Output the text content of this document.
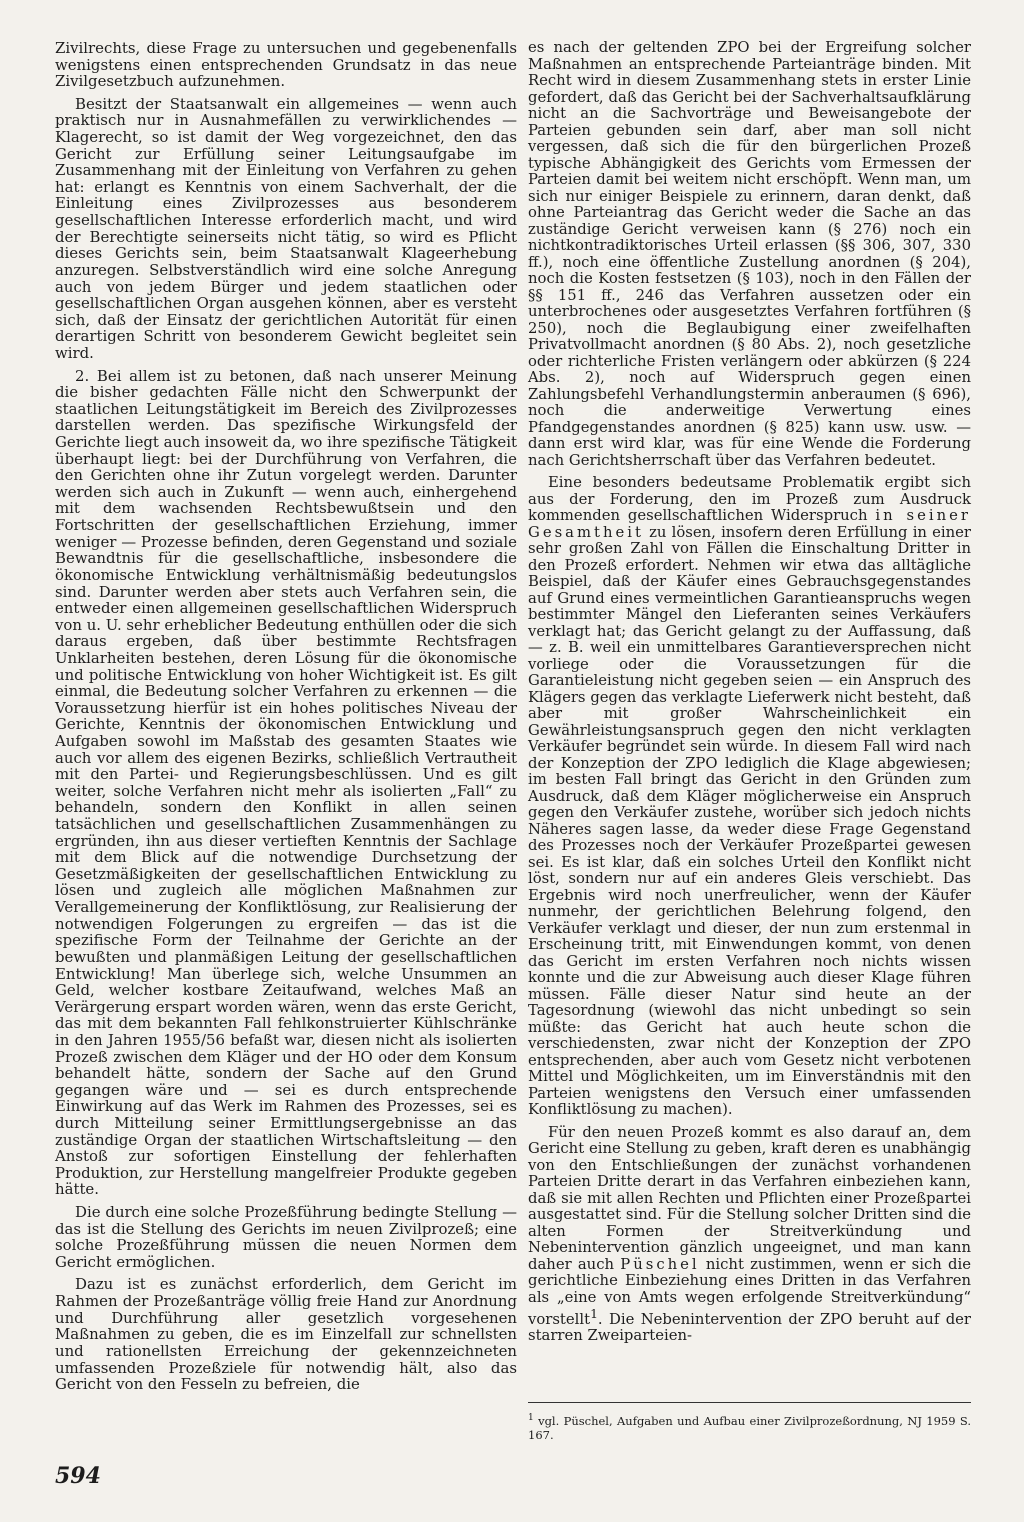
Zivilrechts, diese Frage zu untersuchen und gegebenenfalls wenigstens einen entsprechenden Grundsatz in das neue Zivilgesetzbuch aufzunehmen.

Besitzt der Staatsanwalt ein allgemeines — wenn auch praktisch nur in Ausnahmefällen zu verwirklichendes — Klagerecht, so ist damit der Weg vorgezeichnet, den das Gericht zur Erfüllung seiner Leitungsaufgabe im Zusammenhang mit der Einleitung von Verfahren zu gehen hat: erlangt es Kenntnis von einem Sachverhalt, der die Einleitung eines Zivilprozesses aus besonderem gesellschaftlichen Interesse erforderlich macht, und wird der Berechtigte seinerseits nicht tätig, so wird es Pflicht dieses Gerichts sein, beim Staatsanwalt Klageerhebung anzuregen. Selbstverständlich wird eine solche Anregung auch von jedem Bürger und jedem staatlichen oder gesellschaftlichen Organ ausgehen können, aber es versteht sich, daß der Einsatz der gerichtlichen Autorität für einen derartigen Schritt von besonderem Gewicht begleitet sein wird.

2. Bei allem ist zu betonen, daß nach unserer Meinung die bisher gedachten Fälle nicht den Schwerpunkt der staatlichen Leitungstätigkeit im Bereich des Zivilprozesses darstellen werden. Das spezifische Wirkungsfeld der Gerichte liegt auch insoweit da, wo ihre spezifische Tätigkeit überhaupt liegt: bei der Durchführung von Verfahren, die den Gerichten ohne ihr Zutun vorgelegt werden. Darunter werden sich auch in Zukunft — wenn auch, einhergehend mit dem wachsenden Rechtsbewußtsein und den Fortschritten der gesellschaftlichen Erziehung, immer weniger — Prozesse befinden, deren Gegenstand und soziale Bewandtnis für die gesellschaftliche, insbesondere die ökonomische Entwicklung verhältnismäßig bedeutungslos sind. Darunter werden aber stets auch Verfahren sein, die entweder einen allgemeinen gesellschaftlichen Widerspruch von u. U. sehr erheblicher Bedeutung enthüllen oder die sich daraus ergeben, daß über bestimmte Rechtsfragen Unklarheiten bestehen, deren Lösung für die ökonomische und politische Entwicklung von hoher Wichtigkeit ist. Es gilt einmal, die Bedeutung solcher Verfahren zu erkennen — die Voraussetzung hierfür ist ein hohes politisches Niveau der Gerichte, Kenntnis der ökonomischen Entwicklung und Aufgaben sowohl im Maßstab des gesamten Staates wie auch vor allem des eigenen Bezirks, schließlich Vertrautheit mit den Partei- und Regierungsbeschlüssen. Und es gilt weiter, solche Verfahren nicht mehr als isolierten „Fall“ zu behandeln, sondern den Konflikt in allen seinen tatsächlichen und gesellschaftlichen Zusammenhängen zu ergründen, ihn aus dieser vertieften Kenntnis der Sachlage mit dem Blick auf die notwendige Durchsetzung der Gesetzmäßigkeiten der gesellschaftlichen Entwicklung zu lösen und zugleich alle möglichen Maßnahmen zur Verallgemeinerung der Konfliktlösung, zur Realisierung der notwendigen Folgerungen zu ergreifen — das ist die spezifische Form der Teilnahme der Gerichte an der bewußten und planmäßigen Leitung der gesellschaftlichen Entwicklung! Man überlege sich, welche Unsummen an Geld, welcher kostbare Zeitaufwand, welches Maß an Verärgerung erspart worden wären, wenn das erste Gericht, das mit dem bekannten Fall fehlkonstruierter Kühlschränke in den Jahren 1955/56 befaßt war, diesen nicht als isolierten Prozeß zwischen dem Kläger und der HO oder dem Konsum behandelt hätte, sondern der Sache auf den Grund gegangen wäre und — sei es durch entsprechende Einwirkung auf das Werk im Rahmen des Prozesses, sei es durch Mitteilung seiner Ermittlungsergebnisse an das zuständige Organ der staatlichen Wirtschaftsleitung — den Anstoß zur sofortigen Einstellung der fehlerhaften Produktion, zur Herstellung mangelfreier Produkte gegeben hätte.

Die durch eine solche Prozeßführung bedingte Stellung — das ist die Stellung des Gerichts im neuen Zivilprozeß; eine solche Prozeßführung müssen die neuen Normen dem Gericht ermöglichen.

Dazu ist es zunächst erforderlich, dem Gericht im Rahmen der Prozeßanträge völlig freie Hand zur Anordnung und Durchführung aller gesetzlich vorgesehenen Maßnahmen zu geben, die es im Einzelfall zur schnellsten und rationellsten Erreichung der gekennzeichneten umfassenden Prozeßziele für notwendig hält, also das Gericht von den Fesseln zu befreien, die

es nach der geltenden ZPO bei der Ergreifung solcher Maßnahmen an entsprechende Parteianträge binden. Mit Recht wird in diesem Zusammenhang stets in erster Linie gefordert, daß das Gericht bei der Sachverhaltsaufklärung nicht an die Sachvorträge und Beweisangebote der Parteien gebunden sein darf, aber man soll nicht vergessen, daß sich die für den bürgerlichen Prozeß typische Abhängigkeit des Gerichts vom Ermessen der Parteien damit bei weitem nicht erschöpft. Wenn man, um sich nur einiger Beispiele zu erinnern, daran denkt, daß ohne Parteiantrag das Gericht weder die Sache an das zuständige Gericht verweisen kann (§ 276) noch ein nichtkontradiktorisches Urteil erlassen (§§ 306, 307, 330 ff.), noch eine öffentliche Zustellung anordnen (§ 204), noch die Kosten festsetzen (§ 103), noch in den Fällen der §§ 151 ff., 246 das Verfahren aussetzen oder ein unterbrochenes oder ausgesetztes Verfahren fortführen (§ 250), noch die Beglaubigung einer zweifelhaften Privatvollmacht anordnen (§ 80 Abs. 2), noch gesetzliche oder richterliche Fristen verlängern oder abkürzen (§ 224 Abs. 2), noch auf Widerspruch gegen einen Zahlungsbefehl Verhandlungstermin anberaumen (§ 696), noch die anderweitige Verwertung eines Pfandgegenstandes anordnen (§ 825) kann usw. usw. — dann erst wird klar, was für eine Wende die Forderung nach Gerichtsherrschaft über das Verfahren bedeutet.

Eine besonders bedeutsame Problematik ergibt sich aus der Forderung, den im Prozeß zum Ausdruck kommenden gesellschaftlichen Widerspruch in seiner Gesamtheit zu lösen, insofern deren Erfüllung in einer sehr großen Zahl von Fällen die Einschaltung Dritter in den Prozeß erfordert. Nehmen wir etwa das alltägliche Beispiel, daß der Käufer eines Gebrauchsgegenstandes auf Grund eines vermeintlichen Garantieanspruchs wegen bestimmter Mängel den Lieferanten seines Verkäufers verklagt hat; das Gericht gelangt zu der Auffassung, daß — z. B. weil ein unmittelbares Garantieversprechen nicht vorliege oder die Voraussetzungen für die Garantieleistung nicht gegeben seien — ein Anspruch des Klägers gegen das verklagte Lieferwerk nicht besteht, daß aber mit großer Wahrscheinlichkeit ein Gewährleistungsanspruch gegen den nicht verklagten Verkäufer begründet sein würde. In diesem Fall wird nach der Konzeption der ZPO lediglich die Klage abgewiesen; im besten Fall bringt das Gericht in den Gründen zum Ausdruck, daß dem Kläger möglicherweise ein Anspruch gegen den Verkäufer zustehe, worüber sich jedoch nichts Näheres sagen lasse, da weder diese Frage Gegenstand des Prozesses noch der Verkäufer Prozeßpartei gewesen sei. Es ist klar, daß ein solches Urteil den Konflikt nicht löst, sondern nur auf ein anderes Gleis verschiebt. Das Ergebnis wird noch unerfreulicher, wenn der Käufer nunmehr, der gerichtlichen Belehrung folgend, den Verkäufer verklagt und dieser, der nun zum erstenmal in Erscheinung tritt, mit Einwendungen kommt, von denen das Gericht im ersten Verfahren noch nichts wissen konnte und die zur Abweisung auch dieser Klage führen müssen. Fälle dieser Natur sind heute an der Tagesordnung (wiewohl das nicht unbedingt so sein müßte: das Gericht hat auch heute schon die verschiedensten, zwar nicht der Konzeption der ZPO entsprechenden, aber auch vom Gesetz nicht verbotenen Mittel und Möglichkeiten, um im Einverständnis mit den Parteien wenigstens den Versuch einer umfassenden Konfliktlösung zu machen).

Für den neuen Prozeß kommt es also darauf an, dem Gericht eine Stellung zu geben, kraft deren es unabhängig von den Entschließungen der zunächst vorhandenen Parteien Dritte derart in das Verfahren einbeziehen kann, daß sie mit allen Rechten und Pflichten einer Prozeßpartei ausgestattet sind. Für die Stellung solcher Dritten sind die alten Formen der Streitverkündung und Nebenintervention gänzlich ungeeignet, und man kann daher auch Püschel nicht zustimmen, wenn er sich die gerichtliche Einbeziehung eines Dritten in das Verfahren als „eine von Amts wegen erfolgende Streitverkündung“ vorstellt$^1$. Die Nebenintervention der ZPO beruht auf der starren Zweiparteien-

$^1$ vgl. Püschel, Aufgaben und Aufbau einer Zivilprozeßordnung, NJ 1959 S. 167.
594
